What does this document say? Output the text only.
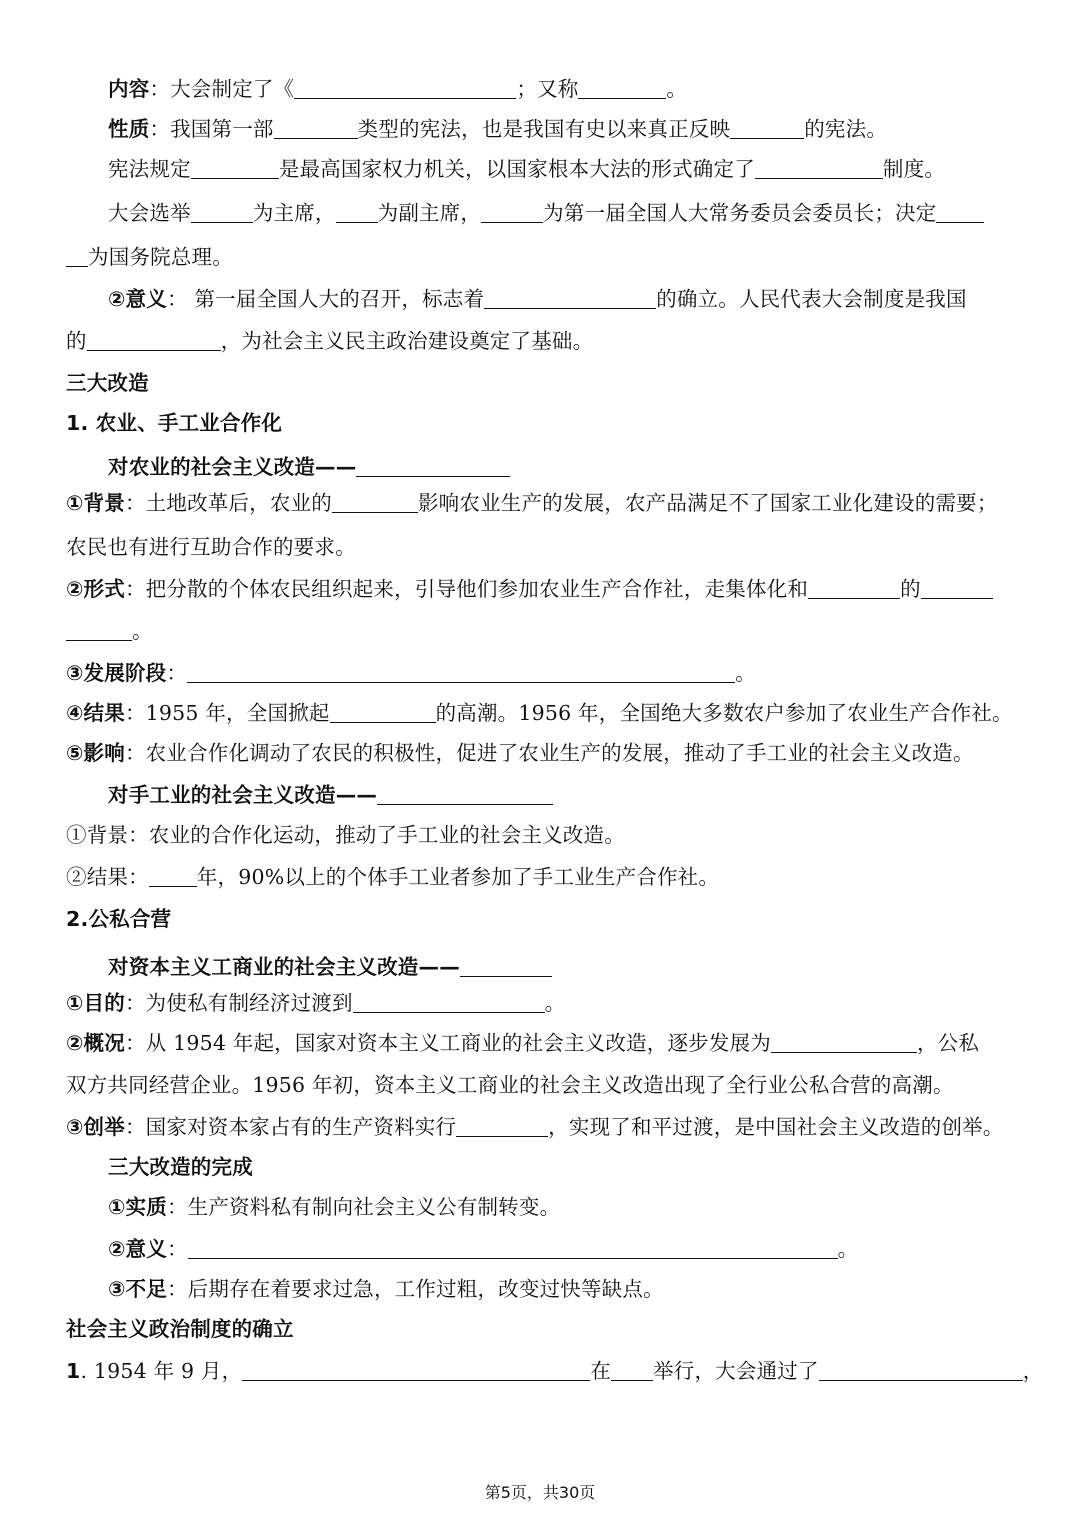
内容：大会制定了《	；又称	。
性质：我国第一部	类型的宪法，也是我国有史以来真正反映	的宪法。
宪法规定	是最高国家权力机关，以国家根本大法的形式确定了	制度。
大会选举	为主席， 为副主席，	为第一届全国人大常务委员会委员长；决定
为国务院总理。
②意义： 第一届全国人大的召开，标志着	的确立。人民代表大会制度是我国
的	，为社会主义民主政治建设奠定了基础。
三大改造
1. 农业、手工业合作化
对农业的社会主义改造——
①背景：土地改革后，农业的	影响农业生产的发展，农产品满足不了国家工业化建设的需要；
农民也有进行互助合作的要求。
②形式：把分散的个体农民组织起来，引导他们参加农业生产合作社，走集体化和	的
。
③发展阶段：	。
④结果：1955 年，全国掀起	的高潮。1956 年，全国绝大多数农户参加了农业生产合作社。
⑤影响：农业合作化调动了农民的积极性，促进了农业生产的发展，推动了手工业的社会主义改造。
对手工业的社会主义改造——
①背景：农业的合作化运动，推动了手工业的社会主义改造。
②结果： 年，90%以上的个体手工业者参加了手工业生产合作社。
2.公私合营
对资本主义工商业的社会主义改造——
①目的：为使私有制经济过渡到	。
②概况：从 1954 年起，国家对资本主义工商业的社会主义改造，逐步发展为	，公私
双方共同经营企业。1956 年初，资本主义工商业的社会主义改造出现了全行业公私合营的高潮。
③创举：国家对资本家占有的生产资料实行	，实现了和平过渡，是中国社会主义改造的创举。
三大改造的完成
①实质：生产资料私有制向社会主义公有制转变。
②意义：	。
③不足：后期存在着要求过急，工作过粗，改变过快等缺点。
社会主义政治制度的确立
1. 1954 年 9 月，	在 举行，大会通过了	，
第5页，共30页
